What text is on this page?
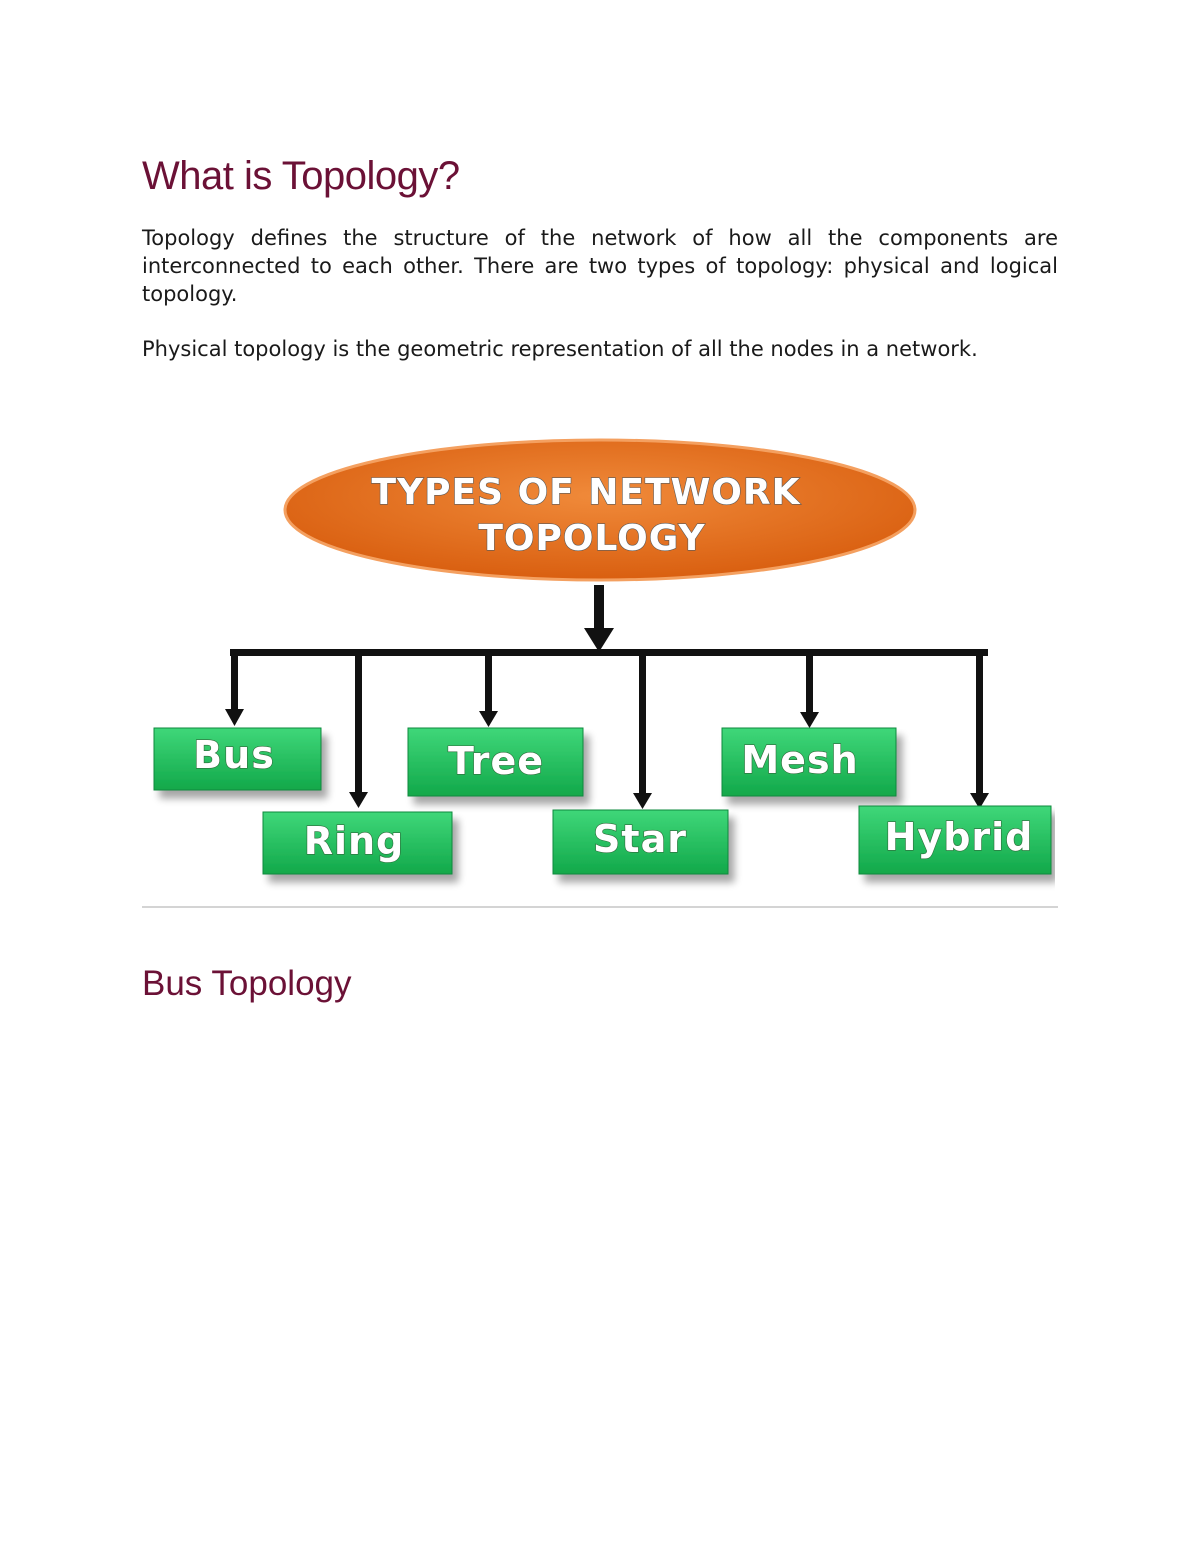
What is Topology?

Topology defines the structure of the network of how all the components are interconnected to each other. There are two types of topology: physical and logical topology.

Physical topology is the geometric representation of all the nodes in a network.

TYPES OF NETWORK
TOPOLOGY
Bus
Ring
Tree
Star
Mesh
Hybrid
Bus Topology
